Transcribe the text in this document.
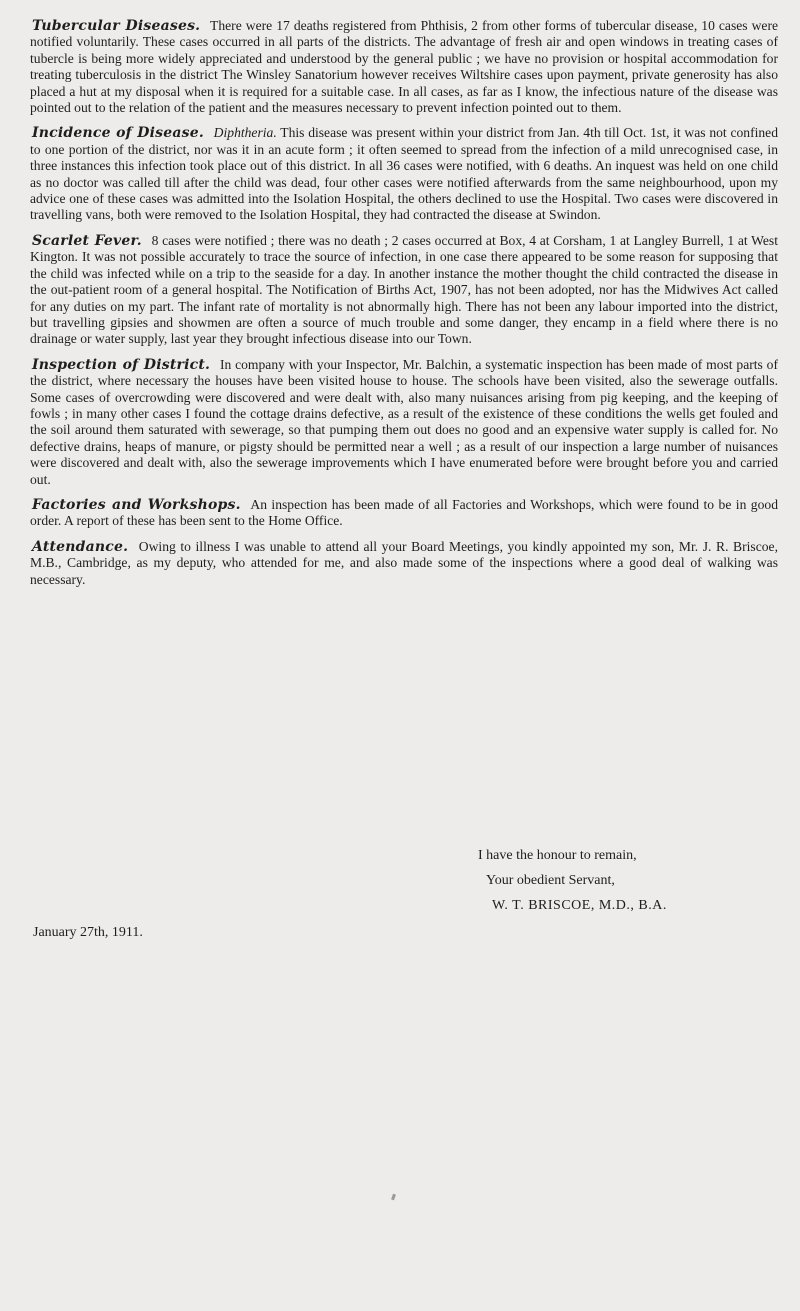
Tubercular Diseases. There were 17 deaths registered from Phthisis, 2 from other forms of tubercular disease, 10 cases were notified voluntarily. These cases occurred in all parts of the districts. The advantage of fresh air and open windows in treating cases of tubercle is being more widely appreciated and understood by the general public ; we have no provision or hospital accommodation for treating tuberculosis in the district The Winsley Sanatorium however receives Wiltshire cases upon payment, private generosity has also placed a hut at my disposal when it is required for a suitable case. In all cases, as far as I know, the infectious nature of the disease was pointed out to the relation of the patient and the measures necessary to prevent infection pointed out to them.

Incidence of Disease. Diphtheria. This disease was present within your district from Jan. 4th till Oct. 1st, it was not confined to one portion of the district, nor was it in an acute form ; it often seemed to spread from the infection of a mild unrecognised case, in three instances this infection took place out of this district. In all 36 cases were notified, with 6 deaths. An inquest was held on one child as no doctor was called till after the child was dead, four other cases were notified afterwards from the same neighbourhood, upon my advice one of these cases was admitted into the Isolation Hospital, the others declined to use the Hospital. Two cases were discovered in travelling vans, both were removed to the Isolation Hospital, they had contracted the disease at Swindon.

Scarlet Fever. 8 cases were notified ; there was no death ; 2 cases occurred at Box, 4 at Corsham, 1 at Langley Burrell, 1 at West Kington. It was not possible accurately to trace the source of infection, in one case there appeared to be some reason for supposing that the child was infected while on a trip to the seaside for a day. In another instance the mother thought the child contracted the disease in the out-patient room of a general hospital. The Notification of Births Act, 1907, has not been adopted, nor has the Midwives Act called for any duties on my part. The infant rate of mortality is not abnormally high. There has not been any labour imported into the district, but travelling gipsies and showmen are often a source of much trouble and some danger, they encamp in a field where there is no drainage or water supply, last year they brought infectious disease into our Town.

Inspection of District. In company with your Inspector, Mr. Balchin, a systematic inspection has been made of most parts of the district, where necessary the houses have been visited house to house. The schools have been visited, also the sewerage outfalls. Some cases of overcrowding were discovered and were dealt with, also many nuisances arising from pig keeping, and the keeping of fowls ; in many other cases I found the cottage drains defective, as a result of the existence of these conditions the wells get fouled and the soil around them saturated with sewerage, so that pumping them out does no good and an expensive water supply is called for. No defective drains, heaps of manure, or pigsty should be permitted near a well ; as a result of our inspection a large number of nuisances were discovered and dealt with, also the sewerage improvements which I have enumerated before were brought before you and carried out.

Factories and Workshops. An inspection has been made of all Factories and Workshops, which were found to be in good order. A report of these has been sent to the Home Office.

Attendance. Owing to illness I was unable to attend all your Board Meetings, you kindly appointed my son, Mr. J. R. Briscoe, M.B., Cambridge, as my deputy, who attended for me, and also made some of the inspections where a good deal of walking was necessary.

I have the honour to remain,
Your obedient Servant,
W. T. BRISCOE, M.D., B.A.
January 27th, 1911.
